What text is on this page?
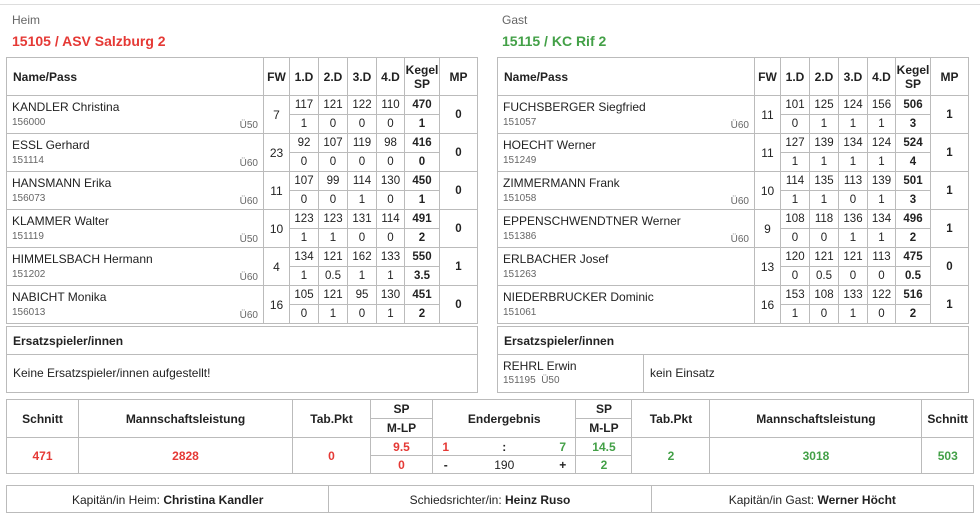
Heim
15105 / ASV Salzburg 2
Gast
15115 / KC Rif 2
Name/Pass	FW	1.D	2.D	3.D	4.D	Kegel
SP	MP

KANDLER Christina
156000 Ü50	7	117	121	122	110	470	0
		1	0	0	0	1	

ESSL Gerhard
151114 Ü60	23	92	107	119	98	416	0
		0	0	0	0	0	

HANSMANN Erika
156073 Ü60	11	107	99	114	130	450	0
		0	0	1	0	1	

KLAMMER Walter
151119 Ü50	10	123	123	131	114	491	0
		1	1	0	0	2	

HIMMELSBACH Hermann
151202 Ü60	4	134	121	162	133	550	1
		1	0.5	1	1	3.5	

NABICHT Monika
156013 Ü60	16	105	121	95	130	451	0
		0	1	0	1	2	
Name/Pass	FW	1.D	2.D	3.D	4.D	Kegel
SP	MP

FUCHSBERGER Siegfried
151057 Ü60	11	101	125	124	156	506	1
		0	1	1	1	3	

HOECHT Werner
151249	11	127	139	134	124	524	1
		1	1	1	1	4	

ZIMMERMANN Frank
151058 Ü60	10	114	135	113	139	501	1
		1	1	0	1	3	

EPPENSCHWENDTNER Werner
151386 Ü60	9	108	118	136	134	496	1
		0	0	1	1	2	

ERLBACHER Josef
151263	13	120	121	121	113	475	0
		0	0.5	0	0	0.5	

NIEDERBRUCKER Dominic
151061	16	153	108	133	122	516	1
		1	0	1	0	2	
Ersatzspieler/innen
Keine Ersatzspieler/innen aufgestellt!
Ersatzspieler/innen
REHRL Erwin
151195 Ü50
kein Einsatz
Schnitt	Mannschaftsleistung	Tab.Pkt	SP	Endergebnis			SP	Tab.Pkt	Mannschaftsleistung	Schnitt
			M-LP				M-LP			
471	2828	0	9.5	1	:	7	14.5	2	3018	503
			0	-	190	+	2			
Kapitän/in Heim: Christina Kandler	Schiedsrichter/in: Heinz Ruso	Kapitän/in Gast: Werner Höcht
